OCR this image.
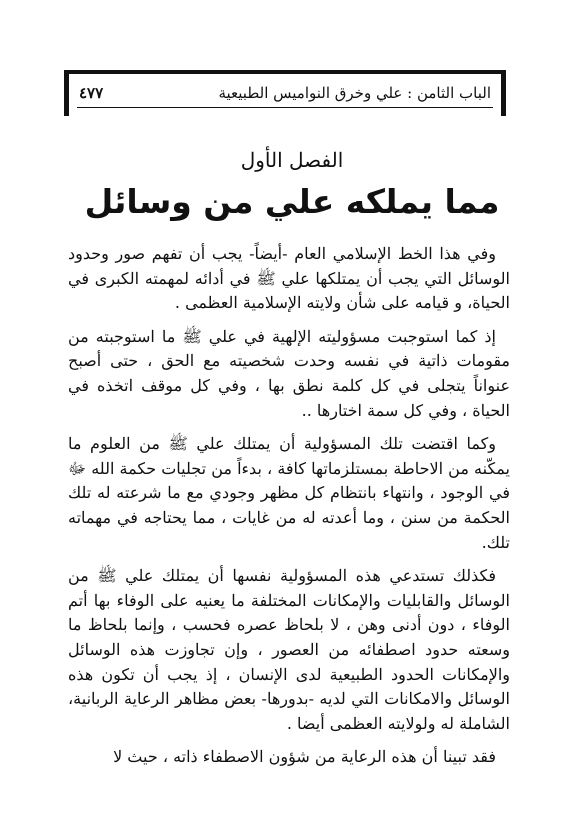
الباب الثامن : علي وخرق النواميس الطبيعية
٤٧٧
الفصل الأول
مما يملكه علي من وسائل

وفي هذا الخط الإسلامي العام -أيضاً- يجب أن تفهم صور وحدود الوسائل التي يجب أن يمتلكها علي ﷺ في أدائه لمهمته الكبرى في الحياة، و قيامه على شأن ولايته الإسلامية العظمى .

إذ كما استوجبت مسؤوليته الإلهية في علي ﷺ ما استوجبته من مقومات ذاتية في نفسه وحدت شخصيته مع الحق ، حتى أصبح عنواناً يتجلى في كل كلمة نطق بها ، وفي كل موقف اتخذه في الحياة ، وفي كل سمة اختارها ..

وكما اقتضت تلك المسؤولية أن يمتلك علي ﷺ من العلوم ما يمكّنه من الاحاطة بمستلزماتها كافة ، بدءاً من تجليات حكمة الله ﷻ في الوجود ، وانتهاء بانتظام كل مظهر وجودي مع ما شرعته له تلك الحكمة من سنن ، وما أعدته له من غايات ، مما يحتاجه في مهماته تلك.

فكذلك تستدعي هذه المسؤولية نفسها أن يمتلك علي ﷺ من الوسائل والقابليات والإمكانات المختلفة ما يعنيه على الوفاء بها أتم الوفاء ، دون أدنى وهن ، لا بلحاظ عصره فحسب ، وإنما بلحاظ ما وسعته حدود اصطفائه من العصور ، وإن تجاوزت هذه الوسائل والإمكانات الحدود الطبيعية لدى الإنسان ، إذ يجب أن تكون هذه الوسائل والامكانات التي لديه -بدورها- بعض مظاهر الرعاية الربانية، الشاملة له ولولايته العظمى أيضا .

فقد تبينا أن هذه الرعاية من شؤون الاصطفاء ذاته ، حيث لا
